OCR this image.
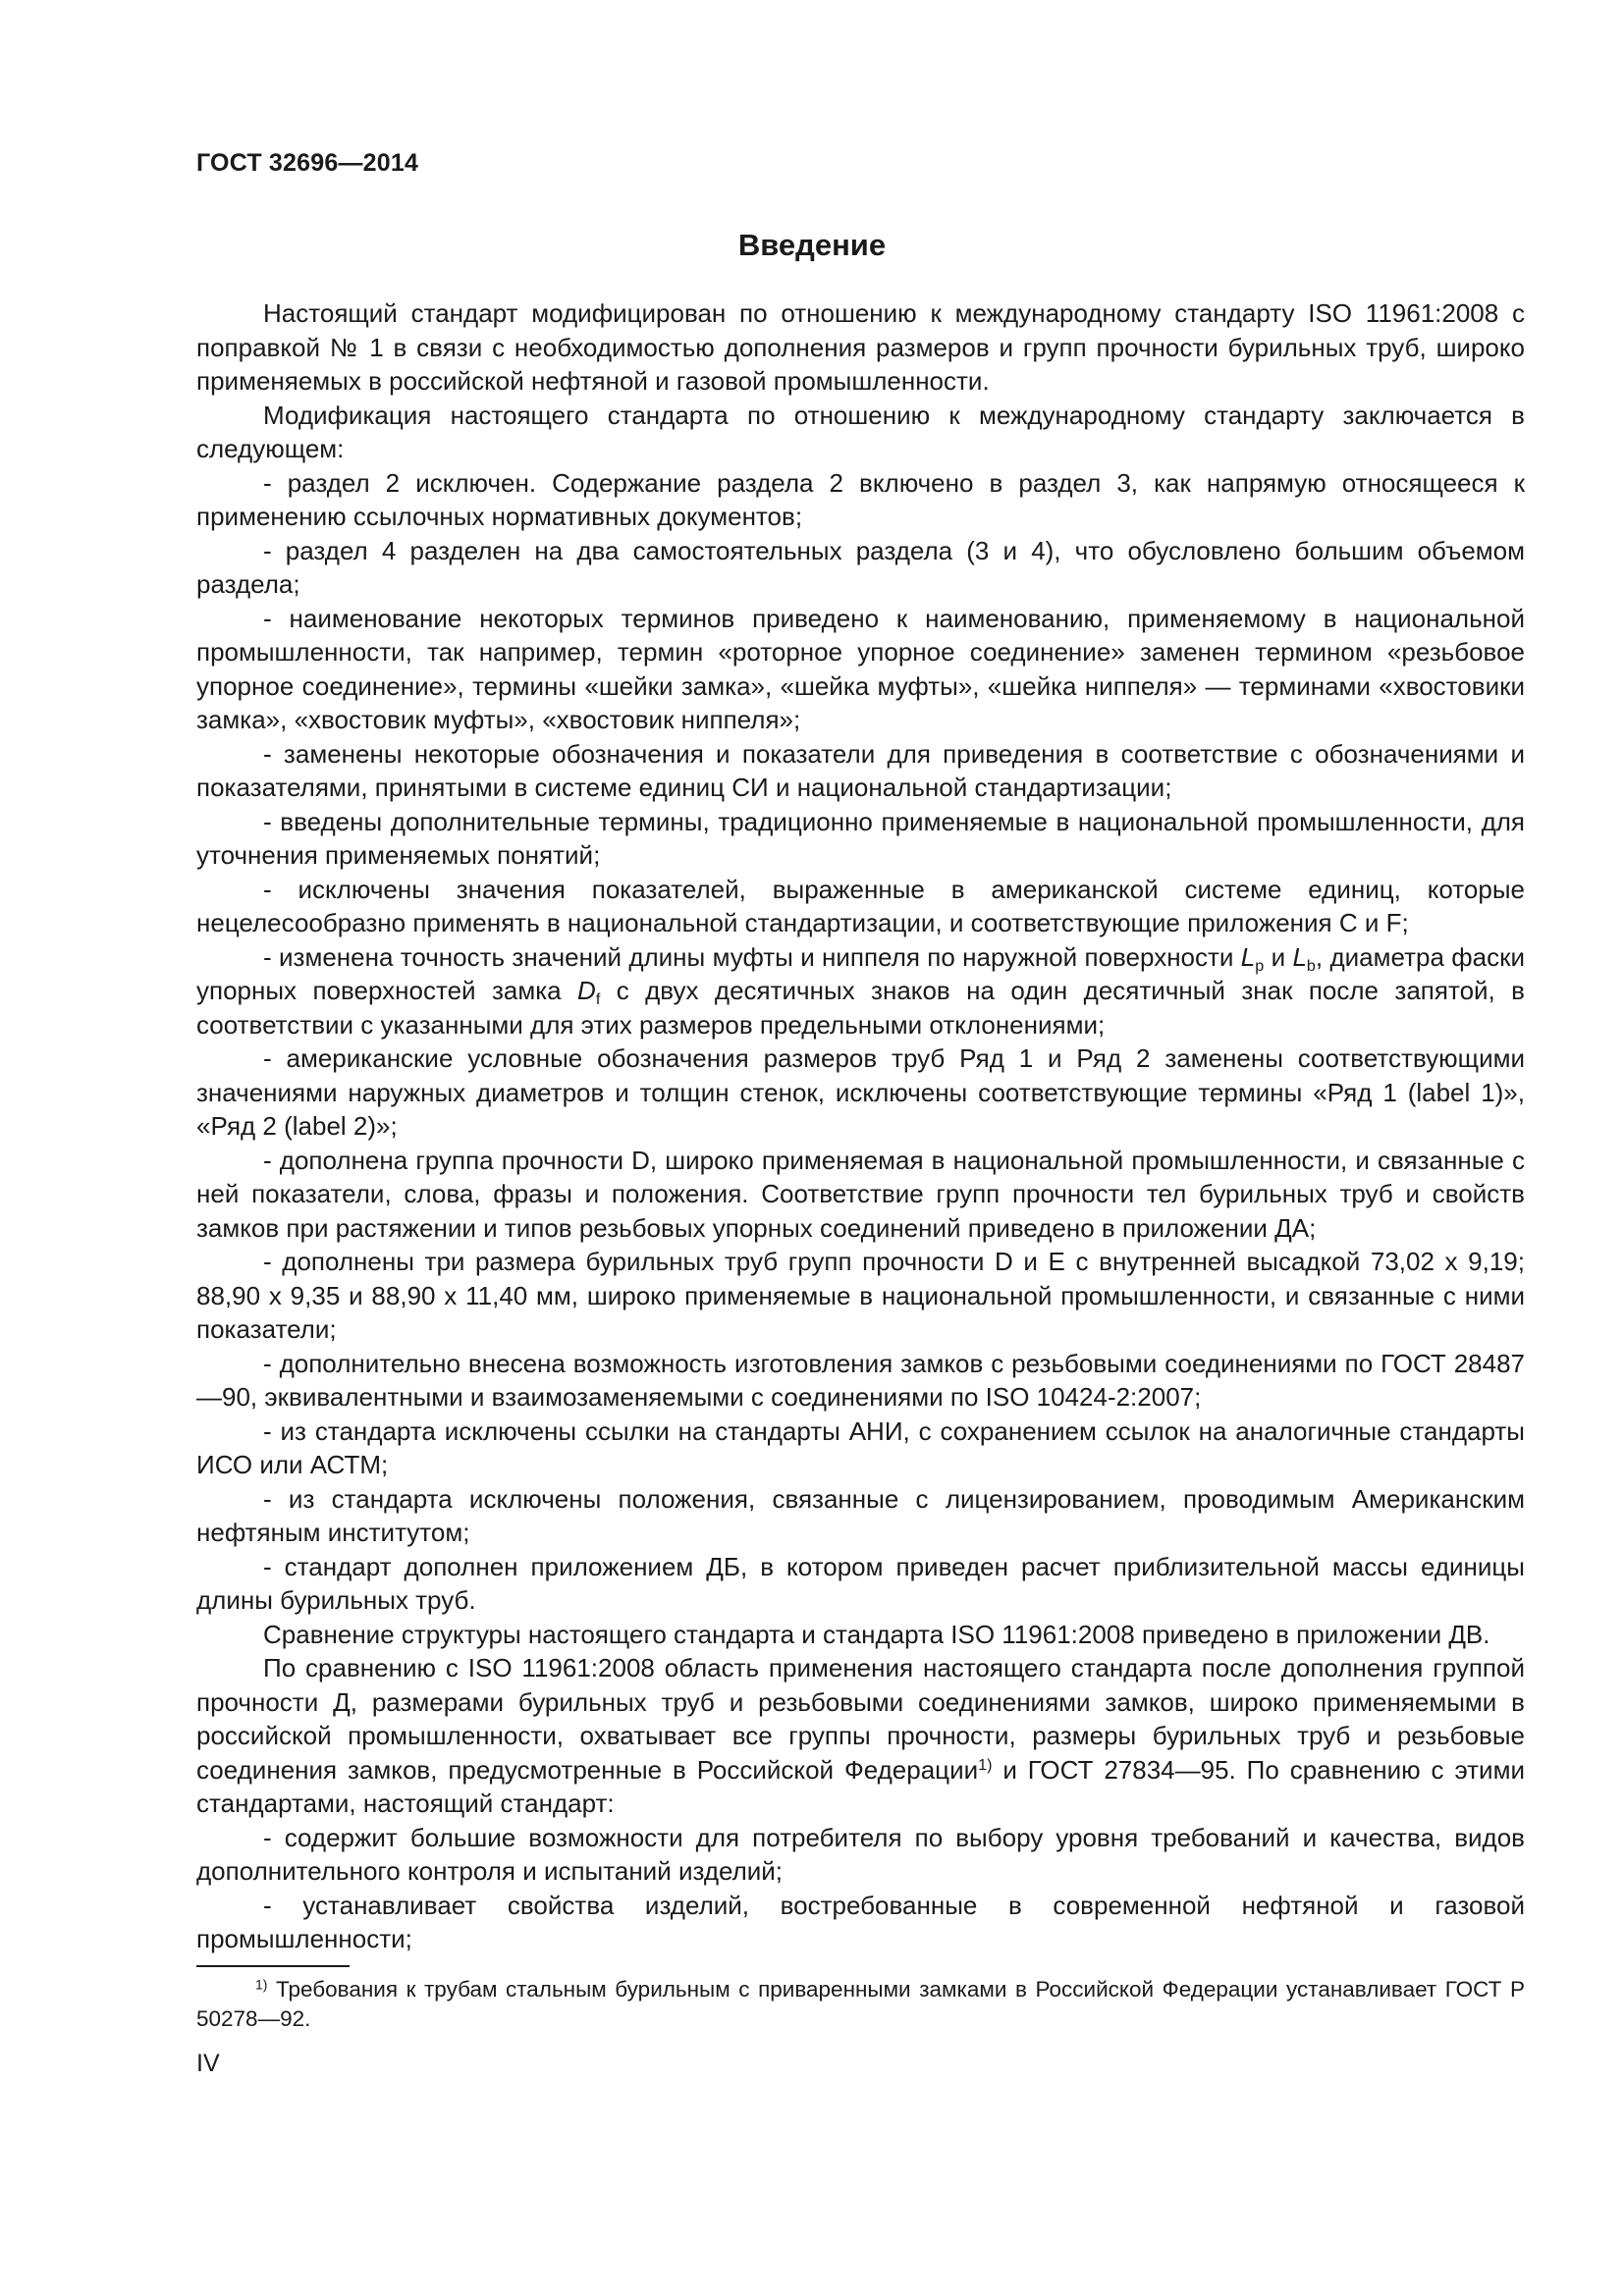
ГОСТ 32696—2014
Введение

Настоящий стандарт модифицирован по отношению к международному стандарту ISO 11961:2008 с поправкой № 1 в связи с необходимостью дополнения размеров и групп прочности бурильных труб, широко применяемых в российской нефтяной и газовой промышленности.

Модификация настоящего стандарта по отношению к международному стандарту заключается в следующем:

- раздел 2 исключен. Содержание раздела 2 включено в раздел 3, как напрямую относящееся к применению ссылочных нормативных документов;

- раздел 4 разделен на два самостоятельных раздела (3 и 4), что обусловлено большим объемом раздела;

- наименование некоторых терминов приведено к наименованию, применяемому в национальной промышленности, так например, термин «роторное упорное соединение» заменен термином «резьбовое упорное соединение», термины «шейки замка», «шейка муфты», «шейка ниппеля» — терминами «хвостовики замка», «хвостовик муфты», «хвостовик ниппеля»;

- заменены некоторые обозначения и показатели для приведения в соответствие с обозначениями и показателями, принятыми в системе единиц СИ и национальной стандартизации;

- введены дополнительные термины, традиционно применяемые в национальной промышленности, для уточнения применяемых понятий;

- исключены значения показателей, выраженные в американской системе единиц, которые нецелесообразно применять в национальной стандартизации, и соответствующие приложения С и F;

- изменена точность значений длины муфты и ниппеля по наружной поверхности $L_p$ и $L_b$, диаметра фаски упорных поверхностей замка $D_f$ с двух десятичных знаков на один десятичный знак после запятой, в соответствии с указанными для этих размеров предельными отклонениями;

- американские условные обозначения размеров труб Ряд 1 и Ряд 2 заменены соответствующими значениями наружных диаметров и толщин стенок, исключены соответствующие термины «Ряд 1 (label 1)», «Ряд 2 (label 2)»;

- дополнена группа прочности D, широко применяемая в национальной промышленности, и связанные с ней показатели, слова, фразы и положения. Соответствие групп прочности тел бурильных труб и свойств замков при растяжении и типов резьбовых упорных соединений приведено в приложении ДА;

- дополнены три размера бурильных труб групп прочности D и E с внутренней высадкой 73,02 х 9,19; 88,90 х 9,35 и 88,90 х 11,40 мм, широко применяемые в национальной промышленности, и связанные с ними показатели;

- дополнительно внесена возможность изготовления замков с резьбовыми соединениями по ГОСТ 28487—90, эквивалентными и взаимозаменяемыми с соединениями по ISO 10424-2:2007;

- из стандарта исключены ссылки на стандарты АНИ, с сохранением ссылок на аналогичные стандарты ИСО или АСТМ;

- из стандарта исключены положения, связанные с лицензированием, проводимым Американским нефтяным институтом;

- стандарт дополнен приложением ДБ, в котором приведен расчет приблизительной массы единицы длины бурильных труб.

Сравнение структуры настоящего стандарта и стандарта ISO 11961:2008 приведено в приложении ДВ.

По сравнению с ISO 11961:2008 область применения настоящего стандарта после дополнения группой прочности Д, размерами бурильных труб и резьбовыми соединениями замков, широко применяемыми в российской промышленности, охватывает все группы прочности, размеры бурильных труб и резьбовые соединения замков, предусмотренные в Российской Федерации$^{1)}$ и ГОСТ 27834—95. По сравнению с этими стандартами, настоящий стандарт:

- содержит большие возможности для потребителя по выбору уровня требований и качества, видов дополнительного контроля и испытаний изделий;

- устанавливает свойства изделий, востребованные в современной нефтяной и газовой промышленности;

$^{1)}$ Требования к трубам стальным бурильным с приваренными замками в Российской Федерации устанавливает ГОСТ Р 50278—92.
IV
